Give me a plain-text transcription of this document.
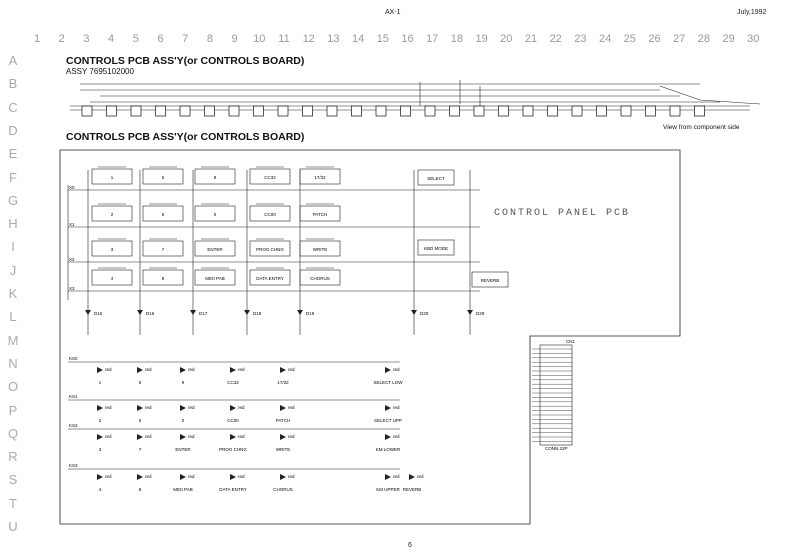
AX-1	July,1992
1	2	3	4	5	6	7	8	9	10	11	12	13	14	15	16	17	18	19	20	21	22	23	24	25	26	27	28	29	30
A
B
C
D
E
F
G
H
I
J
K
L
M
N
O
P
Q
R
S
T
U
CONTROLS PCB ASS'Y(or CONTROLS BOARD)
ASSY 7695102000
View from component side
CONTROLS PCB ASS'Y(or CONTROLS BOARD)
CONTROL PANEL PCB
X0
X1
X2
X3
1	5	9	CC32	17/32
2	6	0	CC00	PATCH
3	7	ENTER	PROG CHNG	WRITE
4	8	MIDI PAB	DATA ENTRY	CHORUS
SELECT
KBD MODE
REVERB
D15	D16	D17	D18	D19	D20	D29
KS0
KS1
KS2
KS3
red
1
red
5
red
9
red
CC32
red
17/32
red
SELECT LOW
red
2
red
6
red
0
red
CC00
red
PATCH
red
SELECT UPP
red
3
red
7
red
ENTER
red
PROG CHNG
red
WRITE
red
KM LOWER
red
4
red
8
red
MIDI PAB
red
DATA ENTRY
red
CHORUS
red
KM UPPER
red
REVERB
CONN.22P
CN1
6
